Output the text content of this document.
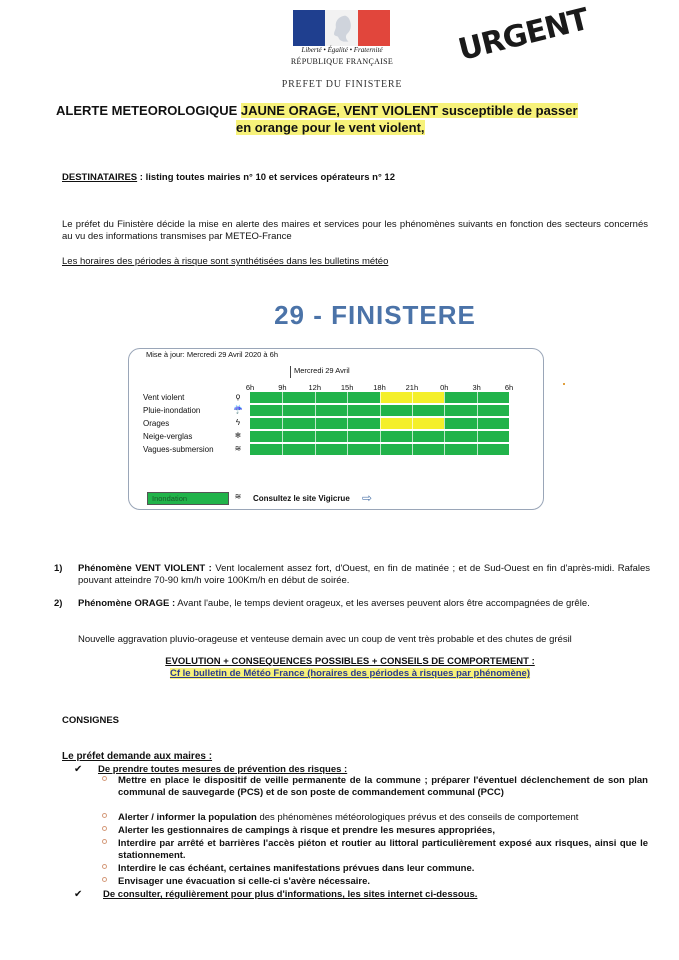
Liberté • Égalité • Fraternité
RÉPUBLIQUE FRANÇAISE
PREFET DU FINISTERE
URGENT
ALERTE METEOROLOGIQUE JAUNE ORAGE, VENT VIOLENT susceptible de passer
en orange pour le vent violent,
DESTINATAIRES : listing toutes mairies n° 10 et services opérateurs n° 12
Le préfet du Finistère décide la mise en alerte des maires et services pour les phénomènes suivants en fonction des secteurs concernés au vu des informations transmises par METEO-France
Les horaires des périodes à risque sont synthétisées dans les bulletins météo
29 - FINISTERE
Mise à jour: Mercredi 29 Avril 2020 à 6h
Mercredi 29 Avril
6h	9h	12h	15h	18h	21h	0h	3h	6h
Vent violent	ϙ
Pluie-inondation	☔
Orages	ϟ
Neige-verglas	❄
Vagues-submersion	≋
Inondation	≋	Consultez le site Vigicrue ⇨
1)	Phénomène VENT VIOLENT : Vent localement assez fort, d'Ouest, en fin de matinée ; et de Sud-Ouest en fin d'après-midi. Rafales pouvant atteindre 70-90 km/h voire 100Km/h en début de soirée.
2)	Phénomène ORAGE : Avant l'aube, le temps devient orageux, et les averses peuvent alors être accompagnées de grêle.
Nouvelle aggravation pluvio-orageuse et venteuse demain avec un coup de vent très probable et des chutes de grésil
EVOLUTION + CONSEQUENCES POSSIBLES + CONSEILS DE COMPORTEMENT :
Cf le bulletin de Météo France (horaires des périodes à risques par phénomène)
CONSIGNES
Le préfet demande aux maires :
✔ De prendre toutes mesures de prévention des risques :
Mettre en place le dispositif de veille permanente de la commune ; préparer l'éventuel déclenchement de son plan communal de sauvegarde (PCS) et de son poste de commandement communal (PCC)
Alerter / informer la population des phénomènes météorologiques prévus et des conseils de comportement
Alerter les gestionnaires de campings à risque et prendre les mesures appropriées,
Interdire par arrêté et barrières l'accès piéton et routier au littoral particulièrement exposé aux risques, ainsi que le stationnement.
Interdire le cas échéant, certaines manifestations prévues dans leur commune.
Envisager une évacuation si celle-ci s'avère nécessaire.
✔ De consulter, régulièrement pour plus d'informations, les sites internet ci-dessous.
